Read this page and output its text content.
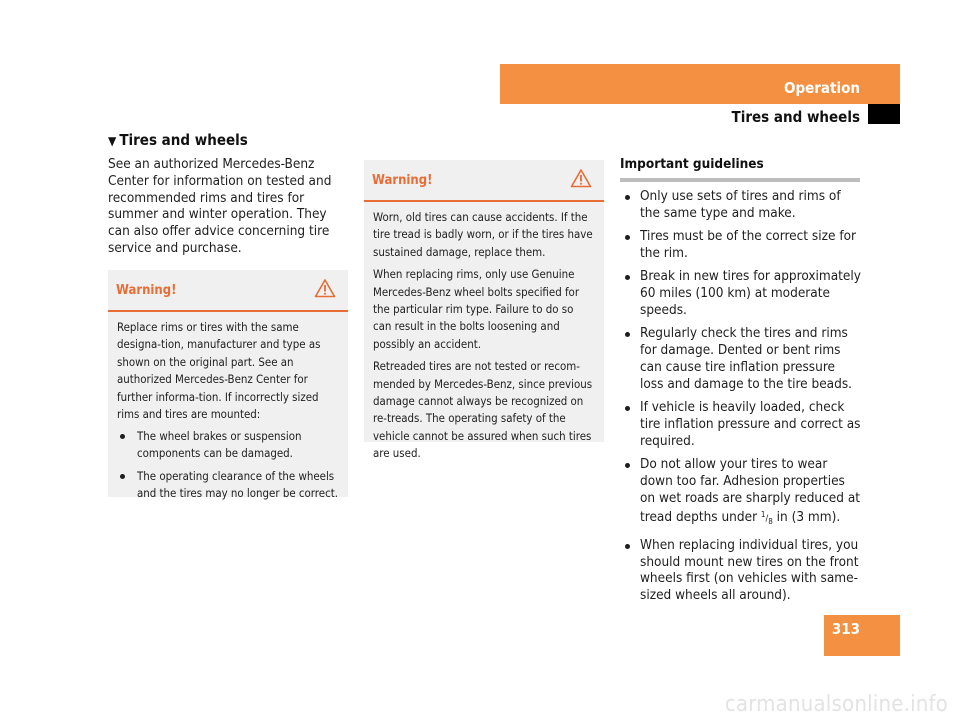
Operation
Tires and wheels
▼ Tires and wheels
See an authorized Mercedes-Benz Center for information on tested and recommended rims and tires for summer and winter operation. They can also offer advice concerning tire service and purchase.
Warning!

Replace rims or tires with the same designa-tion, manufacturer and type as shown on the original part. See an authorized Mercedes-Benz Center for further informa-tion. If incorrectly sized rims and tires are mounted:

The wheel brakes or suspension components can be damaged.
The operating clearance of the wheels and the tires may no longer be correct.
Warning!

Worn, old tires can cause accidents. If the tire tread is badly worn, or if the tires have sustained damage, replace them.

When replacing rims, only use Genuine Mercedes-Benz wheel bolts specified for the particular rim type. Failure to do so can result in the bolts loosening and possibly an accident.

Retreaded tires are not tested or recom-mended by Mercedes-Benz, since previous damage cannot always be recognized on re-treads. The operating safety of the vehicle cannot be assured when such tires are used.

Important guidelines
Only use sets of tires and rims of the same type and make.
Tires must be of the correct size for the rim.
Break in new tires for approximately 60 miles (100 km) at moderate speeds.
Regularly check the tires and rims for damage. Dented or bent rims can cause tire inflation pressure loss and damage to the tire beads.
If vehicle is heavily loaded, check tire inflation pressure and correct as required.
Do not allow your tires to wear down too far. Adhesion properties on wet roads are sharply reduced at tread depths under $^1/_8$ in (3 mm).
When replacing individual tires, you should mount new tires on the front wheels first (on vehicles with same-sized wheels all around).
313
carmanualsonline.info
